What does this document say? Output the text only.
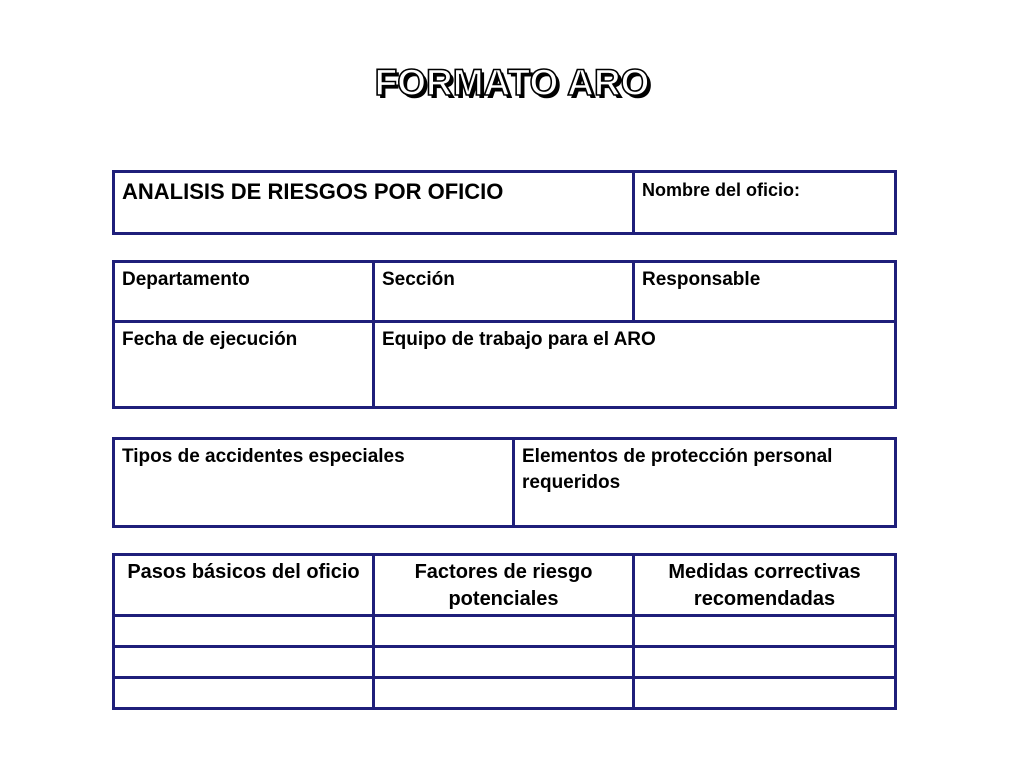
FORMATO ARO
ANALISIS DE RIESGOS POR OFICIO	Nombre del oficio:
Departamento	Sección	Responsable
Fecha de ejecución	Equipo de trabajo para el ARO	
Tipos de accidentes especiales	Elementos de protección personal requeridos
Pasos básicos del oficio	Factores de riesgo potenciales	Medidas correctivas recomendadas
